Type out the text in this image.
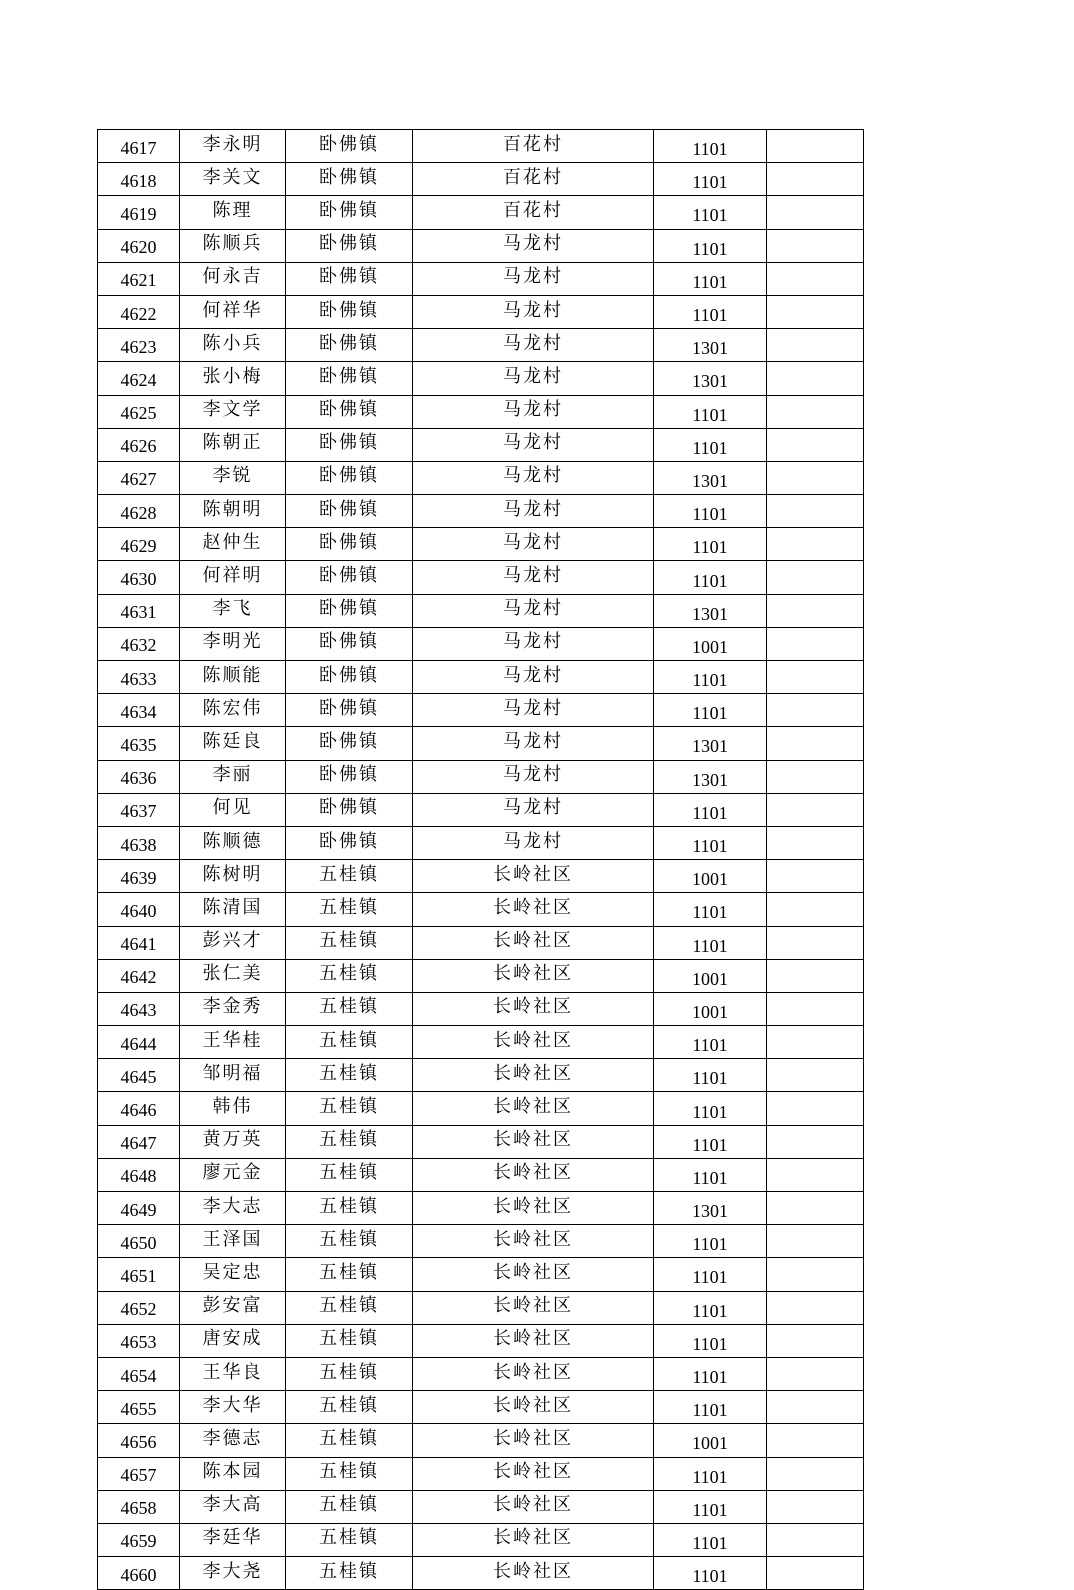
4617	李永明	卧佛镇	百花村	1101	
4618	李关文	卧佛镇	百花村	1101	
4619	陈理	卧佛镇	百花村	1101	
4620	陈顺兵	卧佛镇	马龙村	1101	
4621	何永吉	卧佛镇	马龙村	1101	
4622	何祥华	卧佛镇	马龙村	1101	
4623	陈小兵	卧佛镇	马龙村	1301	
4624	张小梅	卧佛镇	马龙村	1301	
4625	李文学	卧佛镇	马龙村	1101	
4626	陈朝正	卧佛镇	马龙村	1101	
4627	李锐	卧佛镇	马龙村	1301	
4628	陈朝明	卧佛镇	马龙村	1101	
4629	赵仲生	卧佛镇	马龙村	1101	
4630	何祥明	卧佛镇	马龙村	1101	
4631	李飞	卧佛镇	马龙村	1301	
4632	李明光	卧佛镇	马龙村	1001	
4633	陈顺能	卧佛镇	马龙村	1101	
4634	陈宏伟	卧佛镇	马龙村	1101	
4635	陈廷良	卧佛镇	马龙村	1301	
4636	李丽	卧佛镇	马龙村	1301	
4637	何见	卧佛镇	马龙村	1101	
4638	陈顺德	卧佛镇	马龙村	1101	
4639	陈树明	五桂镇	长岭社区	1001	
4640	陈清国	五桂镇	长岭社区	1101	
4641	彭兴才	五桂镇	长岭社区	1101	
4642	张仁美	五桂镇	长岭社区	1001	
4643	李金秀	五桂镇	长岭社区	1001	
4644	王华桂	五桂镇	长岭社区	1101	
4645	邹明福	五桂镇	长岭社区	1101	
4646	韩伟	五桂镇	长岭社区	1101	
4647	黄万英	五桂镇	长岭社区	1101	
4648	廖元金	五桂镇	长岭社区	1101	
4649	李大志	五桂镇	长岭社区	1301	
4650	王泽国	五桂镇	长岭社区	1101	
4651	吴定忠	五桂镇	长岭社区	1101	
4652	彭安富	五桂镇	长岭社区	1101	
4653	唐安成	五桂镇	长岭社区	1101	
4654	王华良	五桂镇	长岭社区	1101	
4655	李大华	五桂镇	长岭社区	1101	
4656	李德志	五桂镇	长岭社区	1001	
4657	陈本园	五桂镇	长岭社区	1101	
4658	李大高	五桂镇	长岭社区	1101	
4659	李廷华	五桂镇	长岭社区	1101	
4660	李大尧	五桂镇	长岭社区	1101	
